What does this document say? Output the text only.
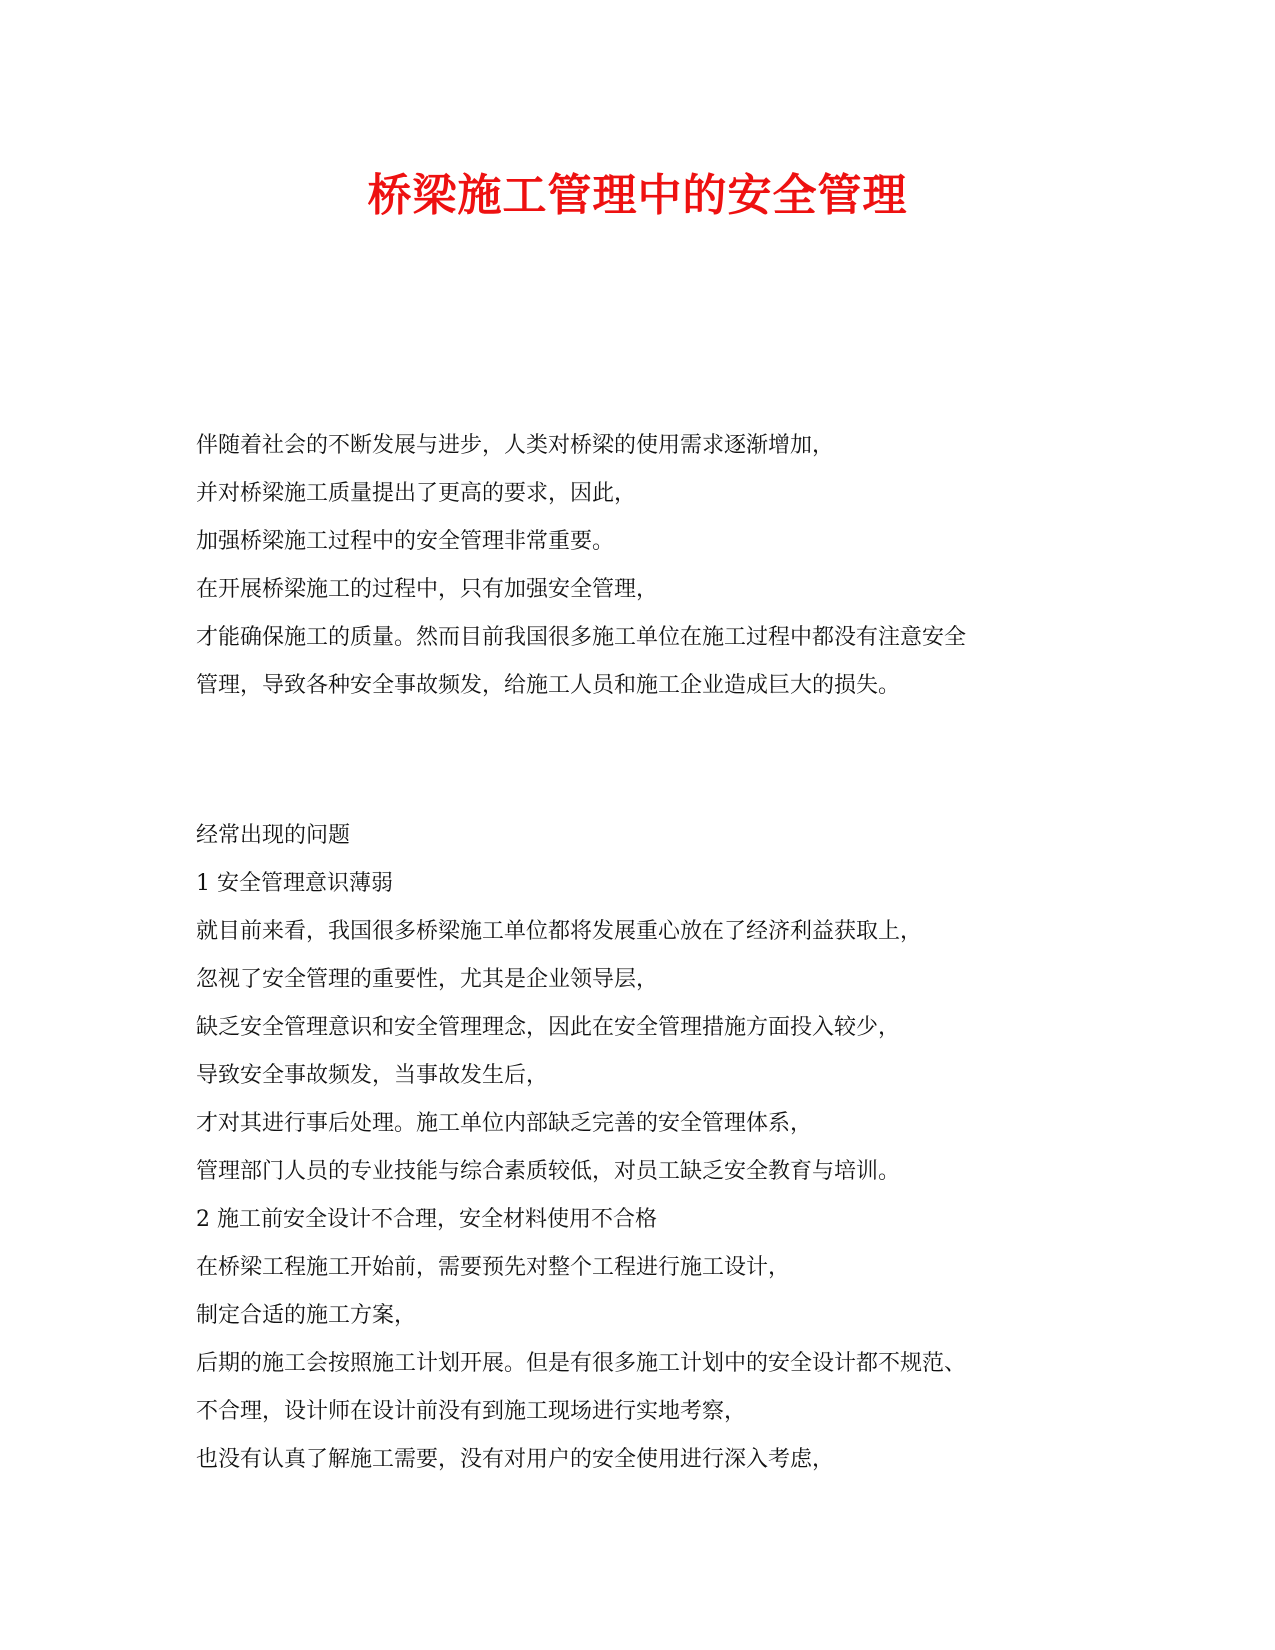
桥梁施工管理中的安全管理
伴随着社会的不断发展与进步，人类对桥梁的使用需求逐渐增加，
并对桥梁施工质量提出了更高的要求，因此，
加强桥梁施工过程中的安全管理非常重要。
在开展桥梁施工的过程中，只有加强安全管理，
才能确保施工的质量。然而目前我国很多施工单位在施工过程中都没有注意安全
管理，导致各种安全事故频发，给施工人员和施工企业造成巨大的损失。
经常出现的问题
1 安全管理意识薄弱
就目前来看，我国很多桥梁施工单位都将发展重心放在了经济利益获取上，
忽视了安全管理的重要性，尤其是企业领导层，
缺乏安全管理意识和安全管理理念，因此在安全管理措施方面投入较少，
导致安全事故频发，当事故发生后，
才对其进行事后处理。施工单位内部缺乏完善的安全管理体系，
管理部门人员的专业技能与综合素质较低，对员工缺乏安全教育与培训。
2 施工前安全设计不合理，安全材料使用不合格
在桥梁工程施工开始前，需要预先对整个工程进行施工设计，
制定合适的施工方案，
后期的施工会按照施工计划开展。但是有很多施工计划中的安全设计都不规范、
不合理，设计师在设计前没有到施工现场进行实地考察，
也没有认真了解施工需要，没有对用户的安全使用进行深入考虑，
